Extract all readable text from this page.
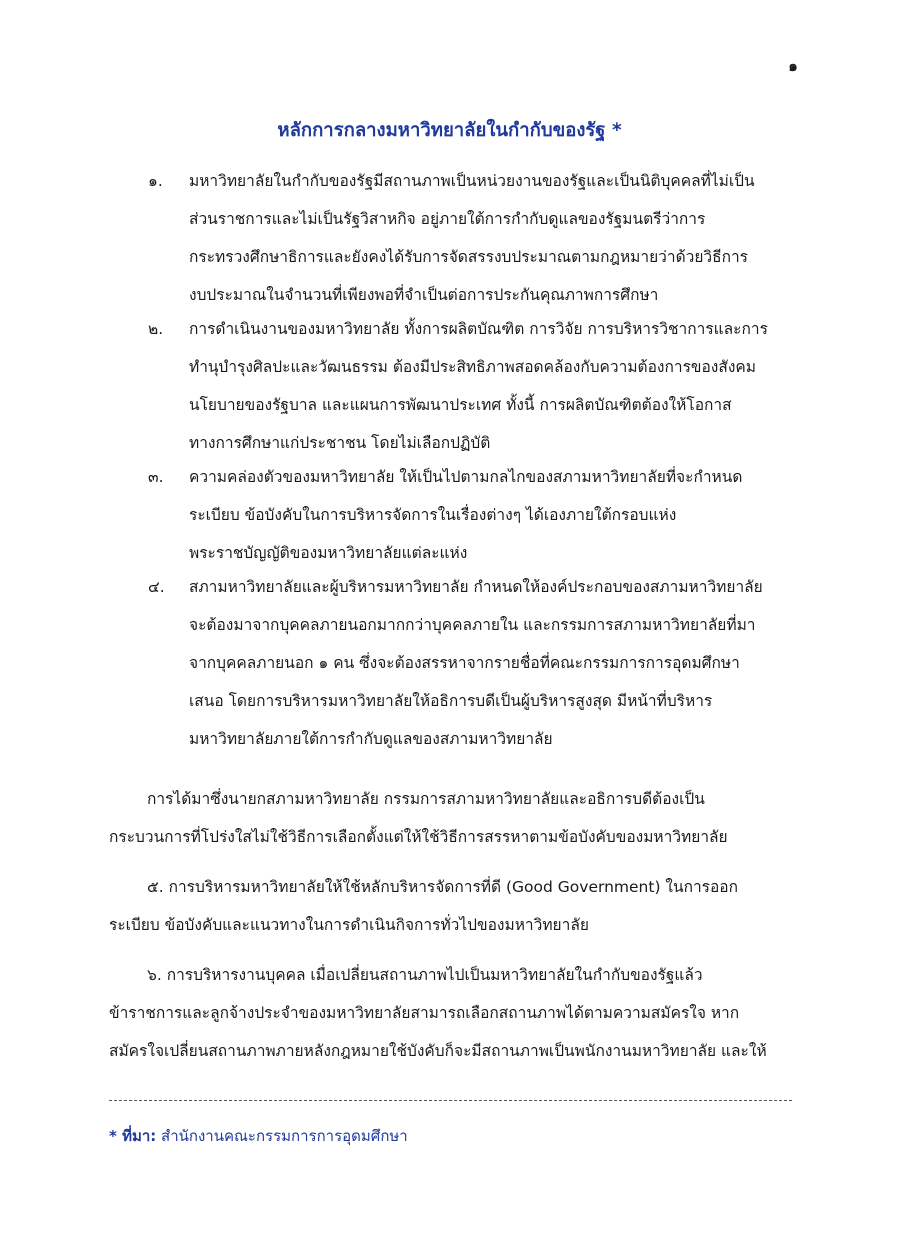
๑
หลักการกลางมหาวิทยาลัยในกำกับของรัฐ *
๑.	มหาวิทยาลัยในกำกับของรัฐมีสถานภาพเป็นหน่วยงานของรัฐและเป็นนิติบุคคลที่ไม่เป็น
ส่วนราชการและไม่เป็นรัฐวิสาหกิจ อยู่ภายใต้การกำกับดูแลของรัฐมนตรีว่าการ
กระทรวงศึกษาธิการและยังคงได้รับการจัดสรรงบประมาณตามกฎหมายว่าด้วยวิธีการ
งบประมาณในจำนวนที่เพียงพอที่จำเป็นต่อการประกันคุณภาพการศึกษา
๒.	การดำเนินงานของมหาวิทยาลัย ทั้งการผลิตบัณฑิต การวิจัย การบริหารวิชาการและการ
ทำนุบำรุงศิลปะและวัฒนธรรม ต้องมีประสิทธิภาพสอดคล้องกับความต้องการของสังคม
นโยบายของรัฐบาล และแผนการพัฒนาประเทศ ทั้งนี้ การผลิตบัณฑิตต้องให้โอกาส
ทางการศึกษาแก่ประชาชน โดยไม่เลือกปฏิบัติ
๓.	ความคล่องตัวของมหาวิทยาลัย ให้เป็นไปตามกลไกของสภามหาวิทยาลัยที่จะกำหนด
ระเบียบ ข้อบังคับในการบริหารจัดการในเรื่องต่างๆ ได้เองภายใต้กรอบแห่ง
พระราชบัญญัติของมหาวิทยาลัยแต่ละแห่ง
๔.	สภามหาวิทยาลัยและผู้บริหารมหาวิทยาลัย กำหนดให้องค์ประกอบของสภามหาวิทยาลัย
จะต้องมาจากบุคคลภายนอกมากกว่าบุคคลภายใน และกรรมการสภามหาวิทยาลัยที่มา
จากบุคคลภายนอก ๑ คน ซึ่งจะต้องสรรหาจากรายชื่อที่คณะกรรมการการอุดมศึกษา
เสนอ โดยการบริหารมหาวิทยาลัยให้อธิการบดีเป็นผู้บริหารสูงสุด มีหน้าที่บริหาร
มหาวิทยาลัยภายใต้การกำกับดูแลของสภามหาวิทยาลัย
การได้มาซึ่งนายกสภามหาวิทยาลัย กรรมการสภามหาวิทยาลัยและอธิการบดีต้องเป็น
กระบวนการที่โปร่งใสไม่ใช้วิธีการเลือกตั้งแต่ให้ใช้วิธีการสรรหาตามข้อบังคับของมหาวิทยาลัย
๕. การบริหารมหาวิทยาลัยให้ใช้หลักบริหารจัดการที่ดี (Good Government) ในการออก
ระเบียบ ข้อบังคับและแนวทางในการดำเนินกิจการทั่วไปของมหาวิทยาลัย
๖. การบริหารงานบุคคล เมื่อเปลี่ยนสถานภาพไปเป็นมหาวิทยาลัยในกำกับของรัฐแล้ว
ข้าราชการและลูกจ้างประจำของมหาวิทยาลัยสามารถเลือกสถานภาพได้ตามความสมัครใจ หาก
สมัครใจเปลี่ยนสถานภาพภายหลังกฎหมายใช้บังคับก็จะมีสถานภาพเป็นพนักงานมหาวิทยาลัย และให้
* ที่มา: สำนักงานคณะกรรมการการอุดมศึกษา
